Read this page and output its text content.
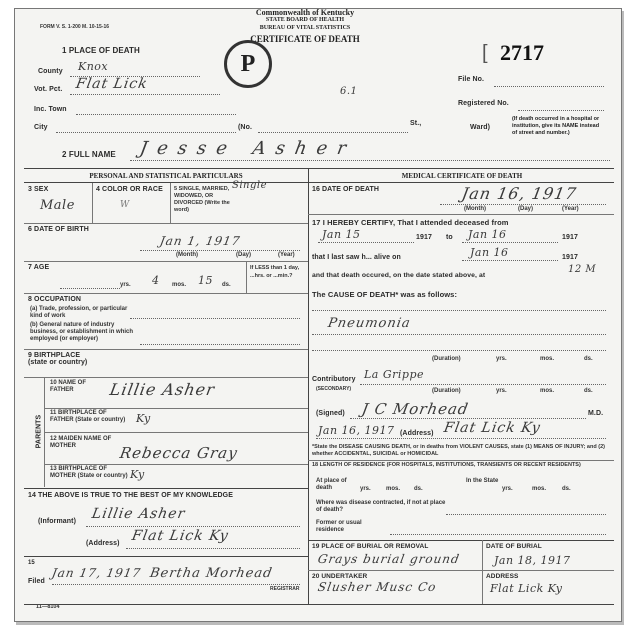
FORM V. S. 1-200 M. 10-15-16
Commonwealth of Kentucky
STATE BOARD OF HEALTH
BUREAU OF VITAL STATISTICS
CERTIFICATE OF DEATH
P	2717
[
File No.
Registered No.
(If death occurred in a hospital or institution, give its NAME instead of street and number.)
6.1
1 PLACE OF DEATH
County Knox
Vot. Pct. Flat Lick
Inc. Town
City	(No.
St.,
Ward)
2 FULL NAME Jesse Asher
PERSONAL AND STATISTICAL PARTICULARS	MEDICAL CERTIFICATE OF DEATH
3 SEX
Male
4 COLOR OR RACE
W
5 SINGLE, MARRIED, WIDOWED, OR DIVORCED (Write the word)
Single
6 DATE OF BIRTH
Jan 1, 1917
(Month)	(Day)	(Year)
7 AGE
yrs. 4 mos. 15 ds.
If LESS than 1 day, ...hrs. or ...min.?
8 OCCUPATION
(a) Trade, profession, or particular kind of work
(b) General nature of industry business, or establishment in which employed (or employer)
9 BIRTHPLACE (state or country)
PARENTS
10 NAME OF FATHER	Lillie Asher
11 BIRTHPLACE OF FATHER (State or country) Ky
12 MAIDEN NAME OF MOTHER	Rebecca Gray
13 BIRTHPLACE OF MOTHER (State or country) Ky
14 THE ABOVE IS TRUE TO THE BEST OF MY KNOWLEDGE
(Informant) Lillie Asher
(Address) Flat Lick Ky
15
Filed
Jan 17, 1917 Bertha Morhead
REGISTRAR
11—8104
16 DATE OF DEATH	Jan 16, 1917
(Month)	(Day)	(Year)
17 I HEREBY CERTIFY, That I attended deceased from
Jan 15	1917 to Jan 16	1917
that I last saw h... alive on	Jan 16	1917
and that death occured, on the date stated above, at
12 M
The CAUSE OF DEATH* was as follows:
Pneumonia
(Duration)	yrs.	mos.	ds.
Contributory
(SECONDARY)
La Grippe
(Duration)	yrs.	mos.	ds.
(Signed) J C Morhead	M.D.
Jan 16, 1917 (Address) Flat Lick Ky
*State the DISEASE CAUSING DEATH, or in deaths from VIOLENT CAUSES, state (1) MEANS OF INJURY; and (2) whether ACCIDENTAL, SUICIDAL or HOMICIDAL
18 LENGTH OF RESIDENCE (FOR HOSPITALS, INSTITUTIONS, TRANSIENTS OR RECENT RESIDENTS)
At place of death	yrs.	mos. ds.
In the State
yrs.	mos.	ds.
Where was disease contracted, if not at place of death?
Former or usual residence
19 PLACE OF BURIAL OR REMOVAL
Grays burial ground
DATE OF BURIAL
Jan 18, 1917
20 UNDERTAKER
Slusher Musc Co
ADDRESS
Flat Lick Ky
